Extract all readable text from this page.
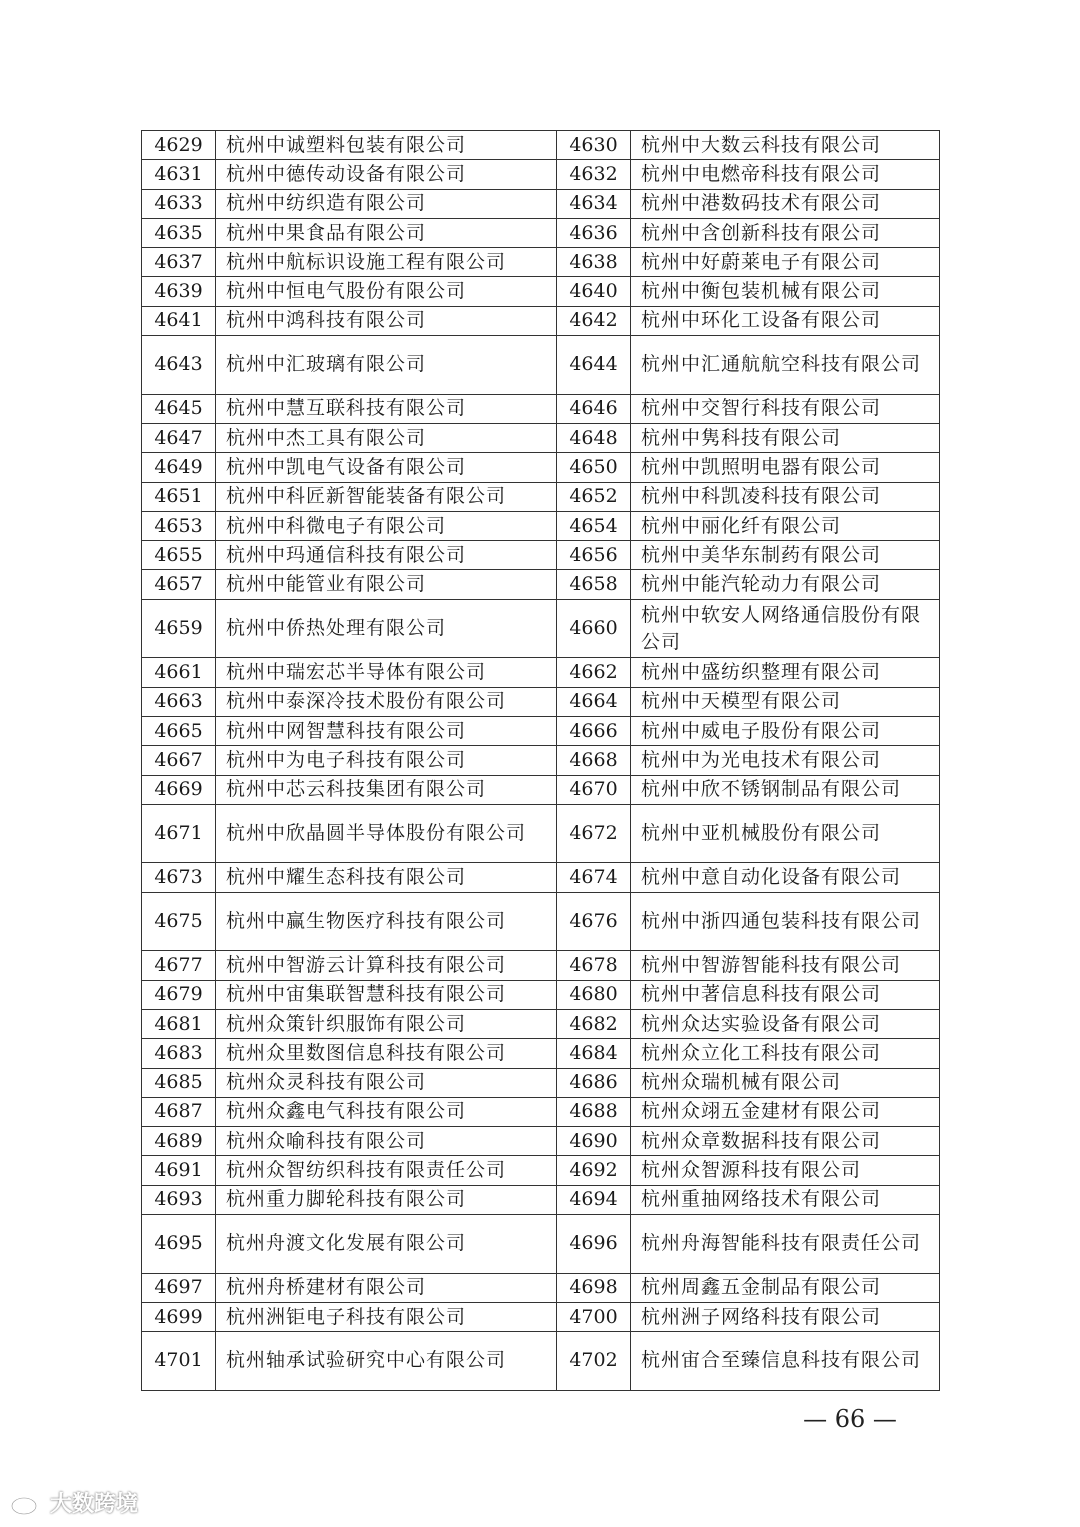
4629	杭州中诚塑料包装有限公司	4630	杭州中大数云科技有限公司
4631	杭州中德传动设备有限公司	4632	杭州中电燃帝科技有限公司
4633	杭州中纺织造有限公司	4634	杭州中港数码技术有限公司
4635	杭州中果食品有限公司	4636	杭州中含创新科技有限公司
4637	杭州中航标识设施工程有限公司	4638	杭州中好蔚莱电子有限公司
4639	杭州中恒电气股份有限公司	4640	杭州中衡包装机械有限公司
4641	杭州中鸿科技有限公司	4642	杭州中环化工设备有限公司
4643	杭州中汇玻璃有限公司	4644	杭州中汇通航航空科技有限公司
4645	杭州中慧互联科技有限公司	4646	杭州中交智行科技有限公司
4647	杭州中杰工具有限公司	4648	杭州中隽科技有限公司
4649	杭州中凯电气设备有限公司	4650	杭州中凯照明电器有限公司
4651	杭州中科匠新智能装备有限公司	4652	杭州中科凯凌科技有限公司
4653	杭州中科微电子有限公司	4654	杭州中丽化纤有限公司
4655	杭州中玛通信科技有限公司	4656	杭州中美华东制药有限公司
4657	杭州中能管业有限公司	4658	杭州中能汽轮动力有限公司
4659	杭州中侨热处理有限公司	4660	杭州中软安人网络通信股份有限公司
4661	杭州中瑞宏芯半导体有限公司	4662	杭州中盛纺织整理有限公司
4663	杭州中泰深冷技术股份有限公司	4664	杭州中天模型有限公司
4665	杭州中网智慧科技有限公司	4666	杭州中威电子股份有限公司
4667	杭州中为电子科技有限公司	4668	杭州中为光电技术有限公司
4669	杭州中芯云科技集团有限公司	4670	杭州中欣不锈钢制品有限公司
4671	杭州中欣晶圆半导体股份有限公司	4672	杭州中亚机械股份有限公司
4673	杭州中耀生态科技有限公司	4674	杭州中意自动化设备有限公司
4675	杭州中赢生物医疗科技有限公司	4676	杭州中浙四通包装科技有限公司
4677	杭州中智游云计算科技有限公司	4678	杭州中智游智能科技有限公司
4679	杭州中宙集联智慧科技有限公司	4680	杭州中著信息科技有限公司
4681	杭州众策针织服饰有限公司	4682	杭州众达实验设备有限公司
4683	杭州众里数图信息科技有限公司	4684	杭州众立化工科技有限公司
4685	杭州众灵科技有限公司	4686	杭州众瑞机械有限公司
4687	杭州众鑫电气科技有限公司	4688	杭州众翊五金建材有限公司
4689	杭州众喻科技有限公司	4690	杭州众章数据科技有限公司
4691	杭州众智纺织科技有限责任公司	4692	杭州众智源科技有限公司
4693	杭州重力脚轮科技有限公司	4694	杭州重抽网络技术有限公司
4695	杭州舟渡文化发展有限公司	4696	杭州舟海智能科技有限责任公司
4697	杭州舟桥建材有限公司	4698	杭州周鑫五金制品有限公司
4699	杭州洲钜电子科技有限公司	4700	杭州洲子网络科技有限公司
4701	杭州轴承试验研究中心有限公司	4702	杭州宙合至臻信息科技有限公司
— 66 —
大数跨境
